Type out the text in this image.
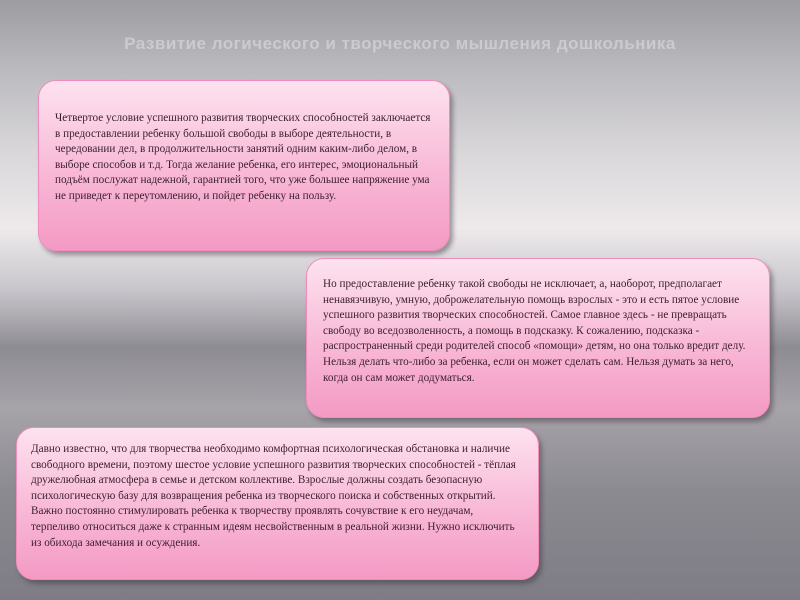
Развитие логического и творческого мышления дошкольника

Четвертое условие успешного развития творческих способностей заключается в предоставлении ребенку большой свободы в выборе деятельности, в чередовании дел, в продолжительности занятий одним каким-либо делом, в выборе способов и т.д. Тогда желание ребенка, его интерес, эмоциональный подъём послужат надежной, гарантией того, что уже большее напряжение ума не приведет к переутомлению, и пойдет ребенку на пользу.

Но предоставление ребенку такой свободы не исключает, а, наоборот, предполагает ненавязчивую, умную, доброжелательную помощь взрослых - это и есть пятое условие успешного развития творческих способностей. Самое главное здесь - не превращать свободу во вседозволенность, а помощь в подсказку. К сожалению, подсказка - распространенный среди родителей способ «помощи» детям, но она только вредит делу. Нельзя делать что-либо за ребенка, если он может сделать сам. Нельзя думать за него, когда он сам может додуматься.

Давно известно, что для творчества необходимо комфортная психологическая обстановка и наличие свободного времени, поэтому шестое условие успешного развития творческих способностей - тёплая дружелюбная атмосфера в семье и детском коллективе. Взрослые должны создать безопасную психологическую базу для возвращения ребенка из творческого поиска и собственных открытий. Важно постоянно стимулировать ребенка к творчеству проявлять сочувствие к его неудачам, терпеливо относиться даже к странным идеям несвойственным в реальной жизни. Нужно исключить из обихода замечания и осуждения.
